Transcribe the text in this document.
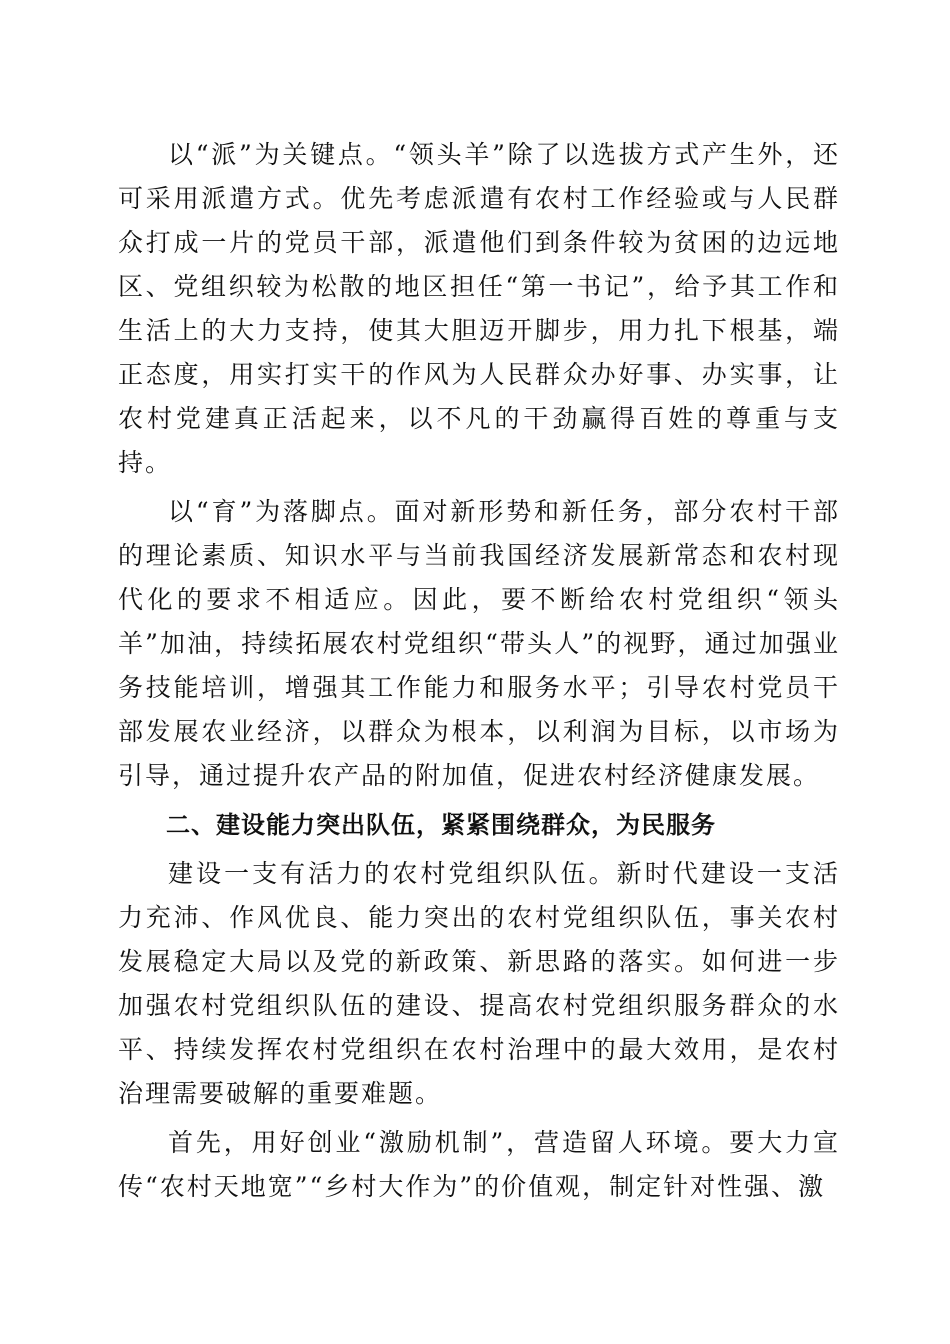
以“派”为关键点。“领头羊”除了以选拔方式产生外，还可采用派遣方式。优先考虑派遣有农村工作经验或与人民群众打成一片的党员干部，派遣他们到条件较为贫困的边远地区、党组织较为松散的地区担任“第一书记”，给予其工作和生活上的大力支持，使其大胆迈开脚步，用力扎下根基，端正态度，用实打实干的作风为人民群众办好事、办实事，让农村党建真正活起来，以不凡的干劲赢得百姓的尊重与支持。

以“育”为落脚点。面对新形势和新任务，部分农村干部的理论素质、知识水平与当前我国经济发展新常态和农村现代化的要求不相适应。因此，要不断给农村党组织“领头羊”加油，持续拓展农村党组织“带头人”的视野，通过加强业务技能培训，增强其工作能力和服务水平；引导农村党员干部发展农业经济，以群众为根本，以利润为目标，以市场为引导，通过提升农产品的附加值，促进农村经济健康发展。

二、建设能力突出队伍，紧紧围绕群众，为民服务

建设一支有活力的农村党组织队伍。新时代建设一支活力充沛、作风优良、能力突出的农村党组织队伍，事关农村发展稳定大局以及党的新政策、新思路的落实。如何进一步加强农村党组织队伍的建设、提高农村党组织服务群众的水平、持续发挥农村党组织在农村治理中的最大效用，是农村治理需要破解的重要难题。

首先，用好创业“激励机制”，营造留人环境。要大力宣传“农村天地宽”“乡村大作为”的价值观，制定针对性强、激
